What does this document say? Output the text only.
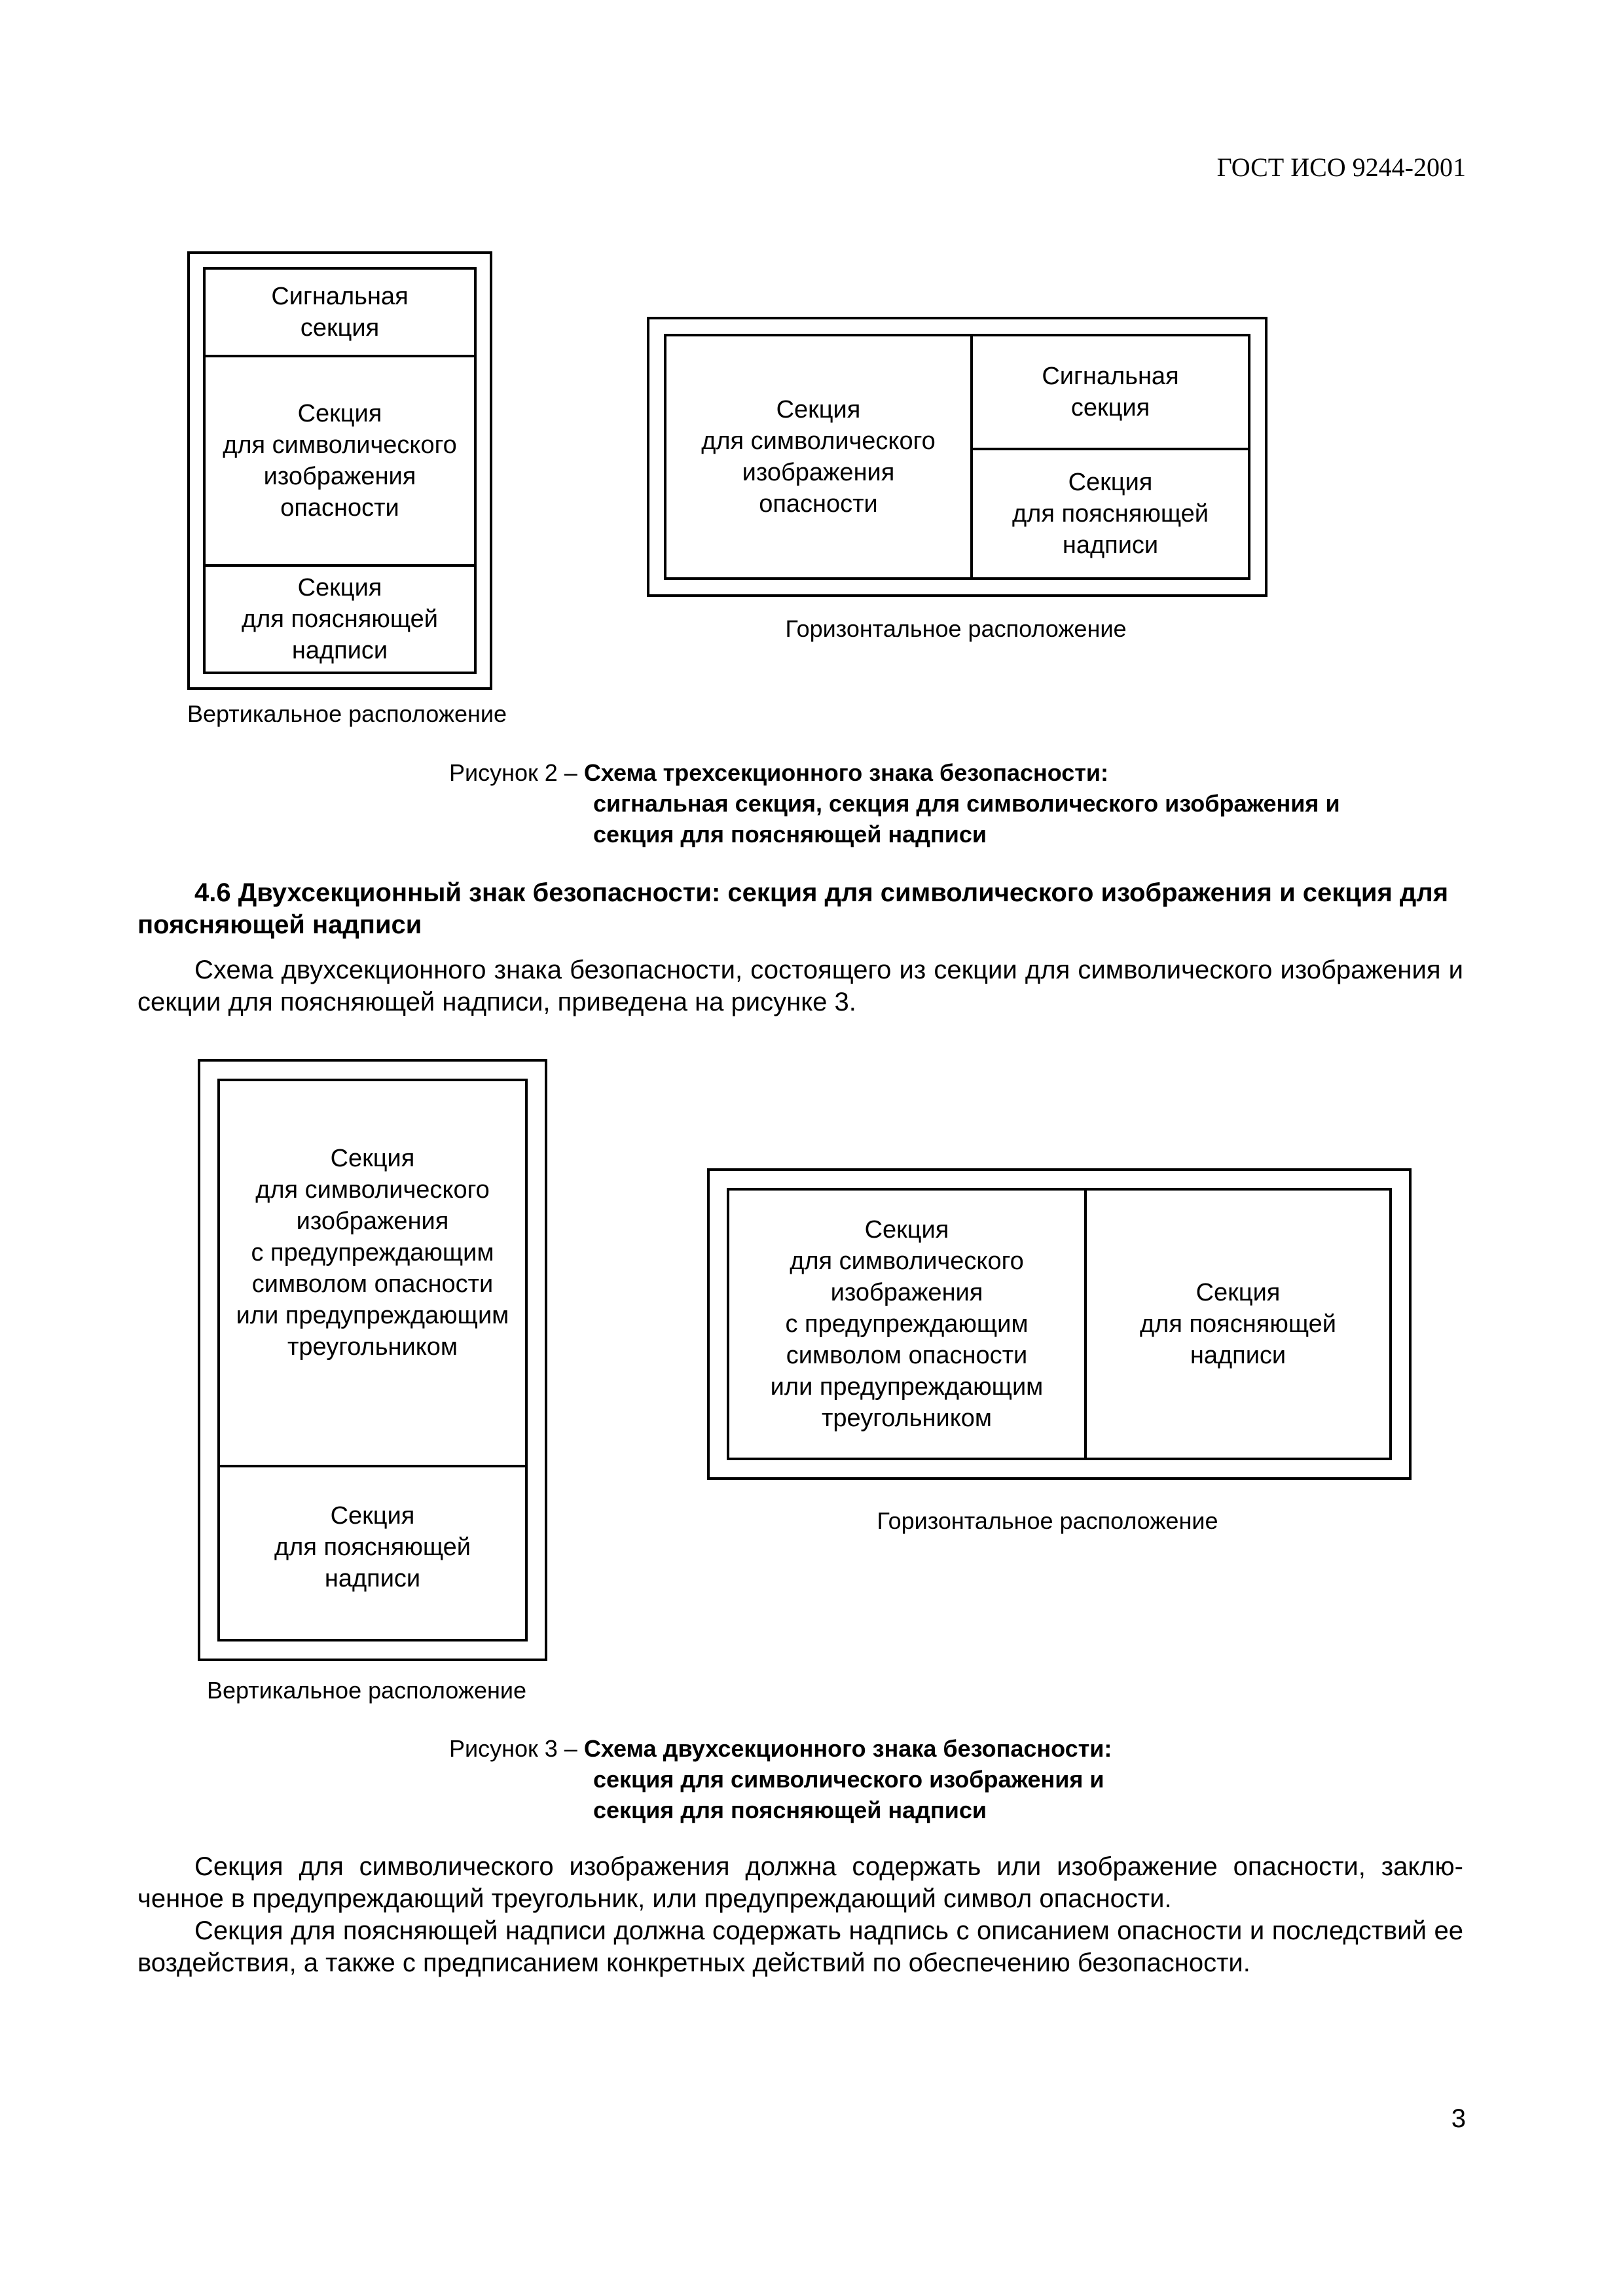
ГОСТ ИСО 9244-2001
Сигнальная
секция
Секция
для символического
изображения
опасности
Секция
для поясняющей
надписи
Вертикальное расположение
Секция
для символического
изображения
опасности
Сигнальная
секция
Секция
для поясняющей
надписи
Горизонтальное расположение
Рисунок 2 – Схема трехсекционного знака безопасности:
сигнальная секция, секция для символического изображения и
секция для поясняющей надписи
4.6 Двухсекционный знак безопасности: секция для символического изображения и секция для поясняющей надписи
Схема двухсекционного знака безопасности, состоящего из секции для символического изображения и секции для поясняющей надписи, приведена на рисунке 3.
Секция
для символического
изображения
с предупреждающим
символом опасности
или предупреждающим
треугольником
Секция
для поясняющей
надписи
Вертикальное расположение
Секция
для символического
изображения
с предупреждающим
символом опасности
или предупреждающим
треугольником
Секция
для поясняющей
надписи
Горизонтальное расположение
Рисунок 3 – Схема двухсекционного знака безопасности:
секция для символического изображения и
секция для поясняющей надписи
Секция для символического изображения должна содержать или изображение опасности, заключенное в предупреждающий треугольник, или предупреждающий символ опасности.
Секция для поясняющей надписи должна содержать надпись с описанием опасности и последствий ее воздействия, а также с предписанием конкретных действий по обеспечению безопасности.
3
